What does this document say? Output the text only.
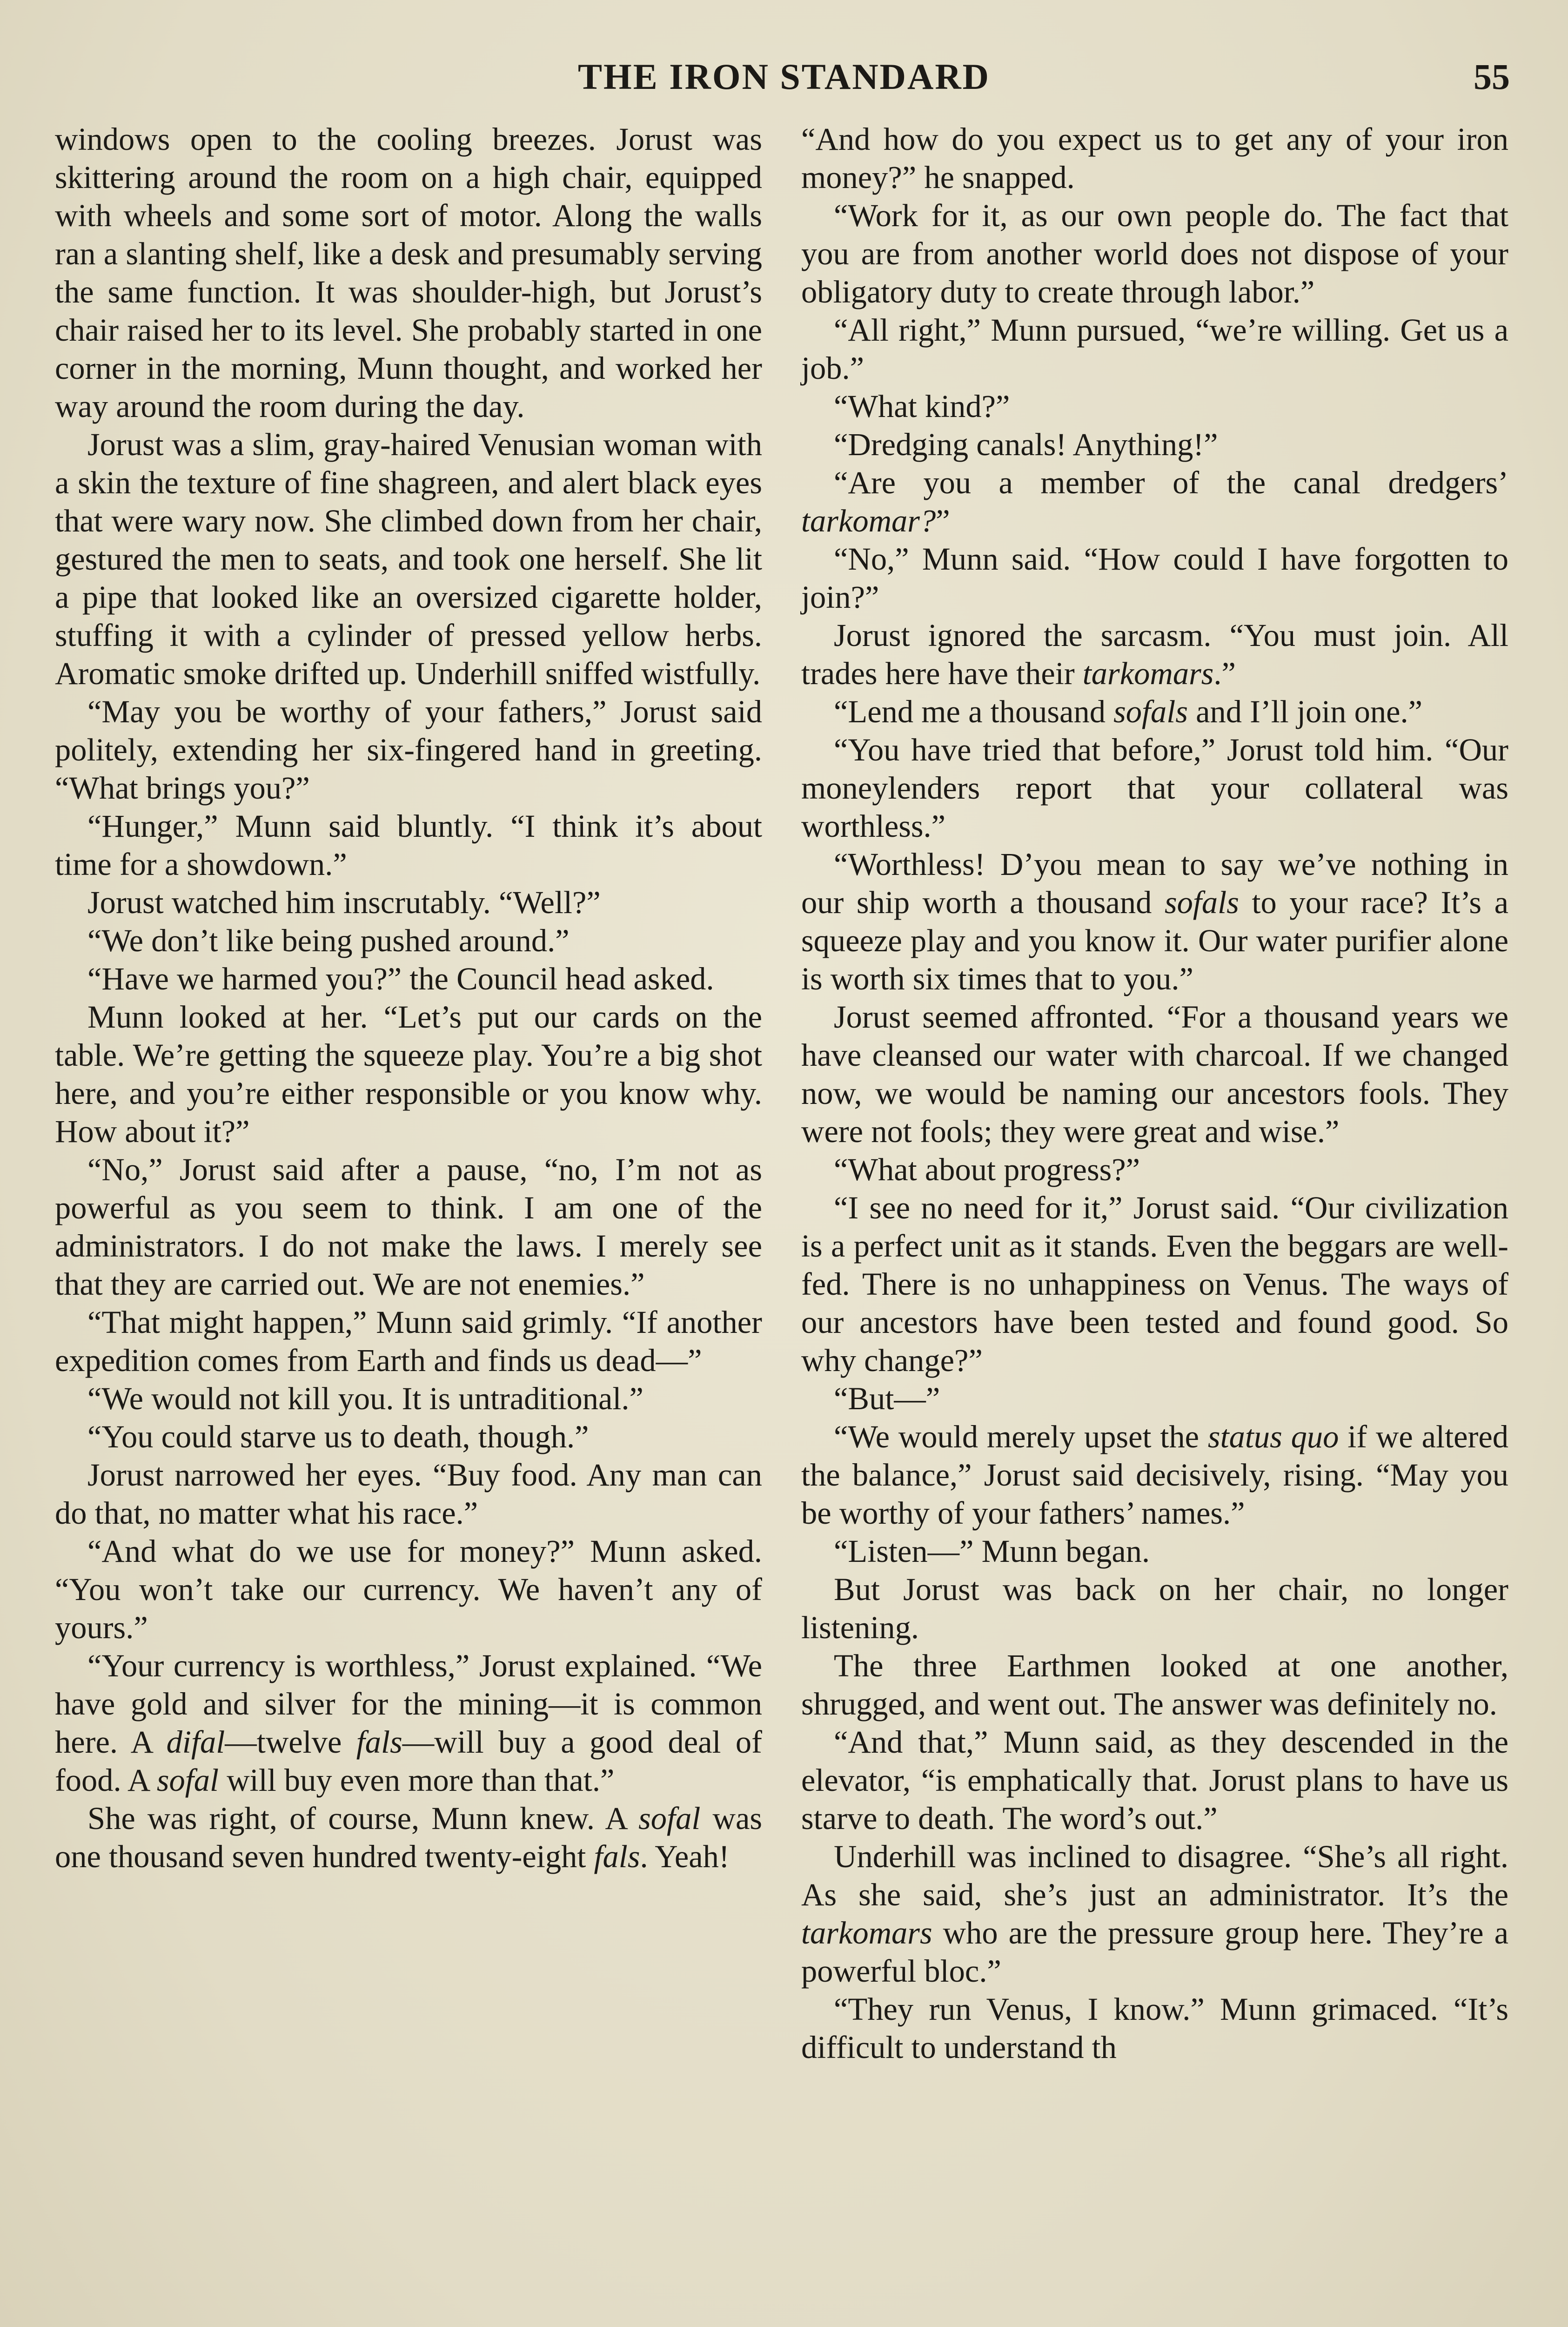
THE IRON STANDARD	55

windows open to the cooling breezes. Jorust was skittering around the room on a high chair, equipped with wheels and some sort of motor. Along the walls ran a slanting shelf, like a desk and presumably serving the same function. It was shoulder-high, but Jorust’s chair raised her to its level. She probably started in one corner in the morning, Munn thought, and worked her way around the room during the day.

Jorust was a slim, gray-haired Venusian woman with a skin the texture of fine shagreen, and alert black eyes that were wary now. She climbed down from her chair, gestured the men to seats, and took one herself. She lit a pipe that looked like an oversized cigarette holder, stuffing it with a cylinder of pressed yellow herbs. Aromatic smoke drifted up. Underhill sniffed wistfully.

“May you be worthy of your fathers,” Jorust said politely, extending her six-fingered hand in greeting. “What brings you?”

“Hunger,” Munn said bluntly. “I think it’s about time for a showdown.”

Jorust watched him inscrutably. “Well?”

“We don’t like being pushed around.”

“Have we harmed you?” the Council head asked.

Munn looked at her. “Let’s put our cards on the table. We’re getting the squeeze play. You’re a big shot here, and you’re either responsible or you know why. How about it?”

“No,” Jorust said after a pause, “no, I’m not as powerful as you seem to think. I am one of the administrators. I do not make the laws. I merely see that they are carried out. We are not enemies.”

“That might happen,” Munn said grimly. “If another expedition comes from Earth and finds us dead—”

“We would not kill you. It is untraditional.”

“You could starve us to death, though.”

Jorust narrowed her eyes. “Buy food. Any man can do that, no matter what his race.”

“And what do we use for money?” Munn asked. “You won’t take our currency. We haven’t any of yours.”

“Your currency is worthless,” Jorust explained. “We have gold and silver for the mining—it is common here. A difal—twelve fals—will buy a good deal of food. A sofal will buy even more than that.”

She was right, of course, Munn knew. A sofal was one thousand seven hundred twenty-eight fals. Yeah!

“And how do you expect us to get any of your iron money?” he snapped.

“Work for it, as our own people do. The fact that you are from another world does not dispose of your obligatory duty to create through labor.”

“All right,” Munn pursued, “we’re willing. Get us a job.”

“What kind?”

“Dredging canals! Anything!”

“Are you a member of the canal dredgers’ tarkomar?”

“No,” Munn said. “How could I have forgotten to join?”

Jorust ignored the sarcasm. “You must join. All trades here have their tarkomars.”

“Lend me a thousand sofals and I’ll join one.”

“You have tried that before,” Jorust told him. “Our moneylenders report that your collateral was worthless.”

“Worthless! D’you mean to say we’ve nothing in our ship worth a thousand sofals to your race? It’s a squeeze play and you know it. Our water purifier alone is worth six times that to you.”

Jorust seemed affronted. “For a thousand years we have cleansed our water with charcoal. If we changed now, we would be naming our ancestors fools. They were not fools; they were great and wise.”

“What about progress?”

“I see no need for it,” Jorust said. “Our civilization is a perfect unit as it stands. Even the beggars are well-fed. There is no unhappiness on Venus. The ways of our ancestors have been tested and found good. So why change?”

“But—”

“We would merely upset the status quo if we altered the balance,” Jorust said decisively, rising. “May you be worthy of your fathers’ names.”

“Listen—” Munn began.

But Jorust was back on her chair, no longer listening.

The three Earthmen looked at one another, shrugged, and went out. The answer was definitely no.

“And that,” Munn said, as they descended in the elevator, “is emphatically that. Jorust plans to have us starve to death. The word’s out.”

Underhill was inclined to disagree. “She’s all right. As she said, she’s just an administrator. It’s the tarkomars who are the pressure group here. They’re a powerful bloc.”

“They run Venus, I know.” Munn grimaced. “It’s difficult to understand th
